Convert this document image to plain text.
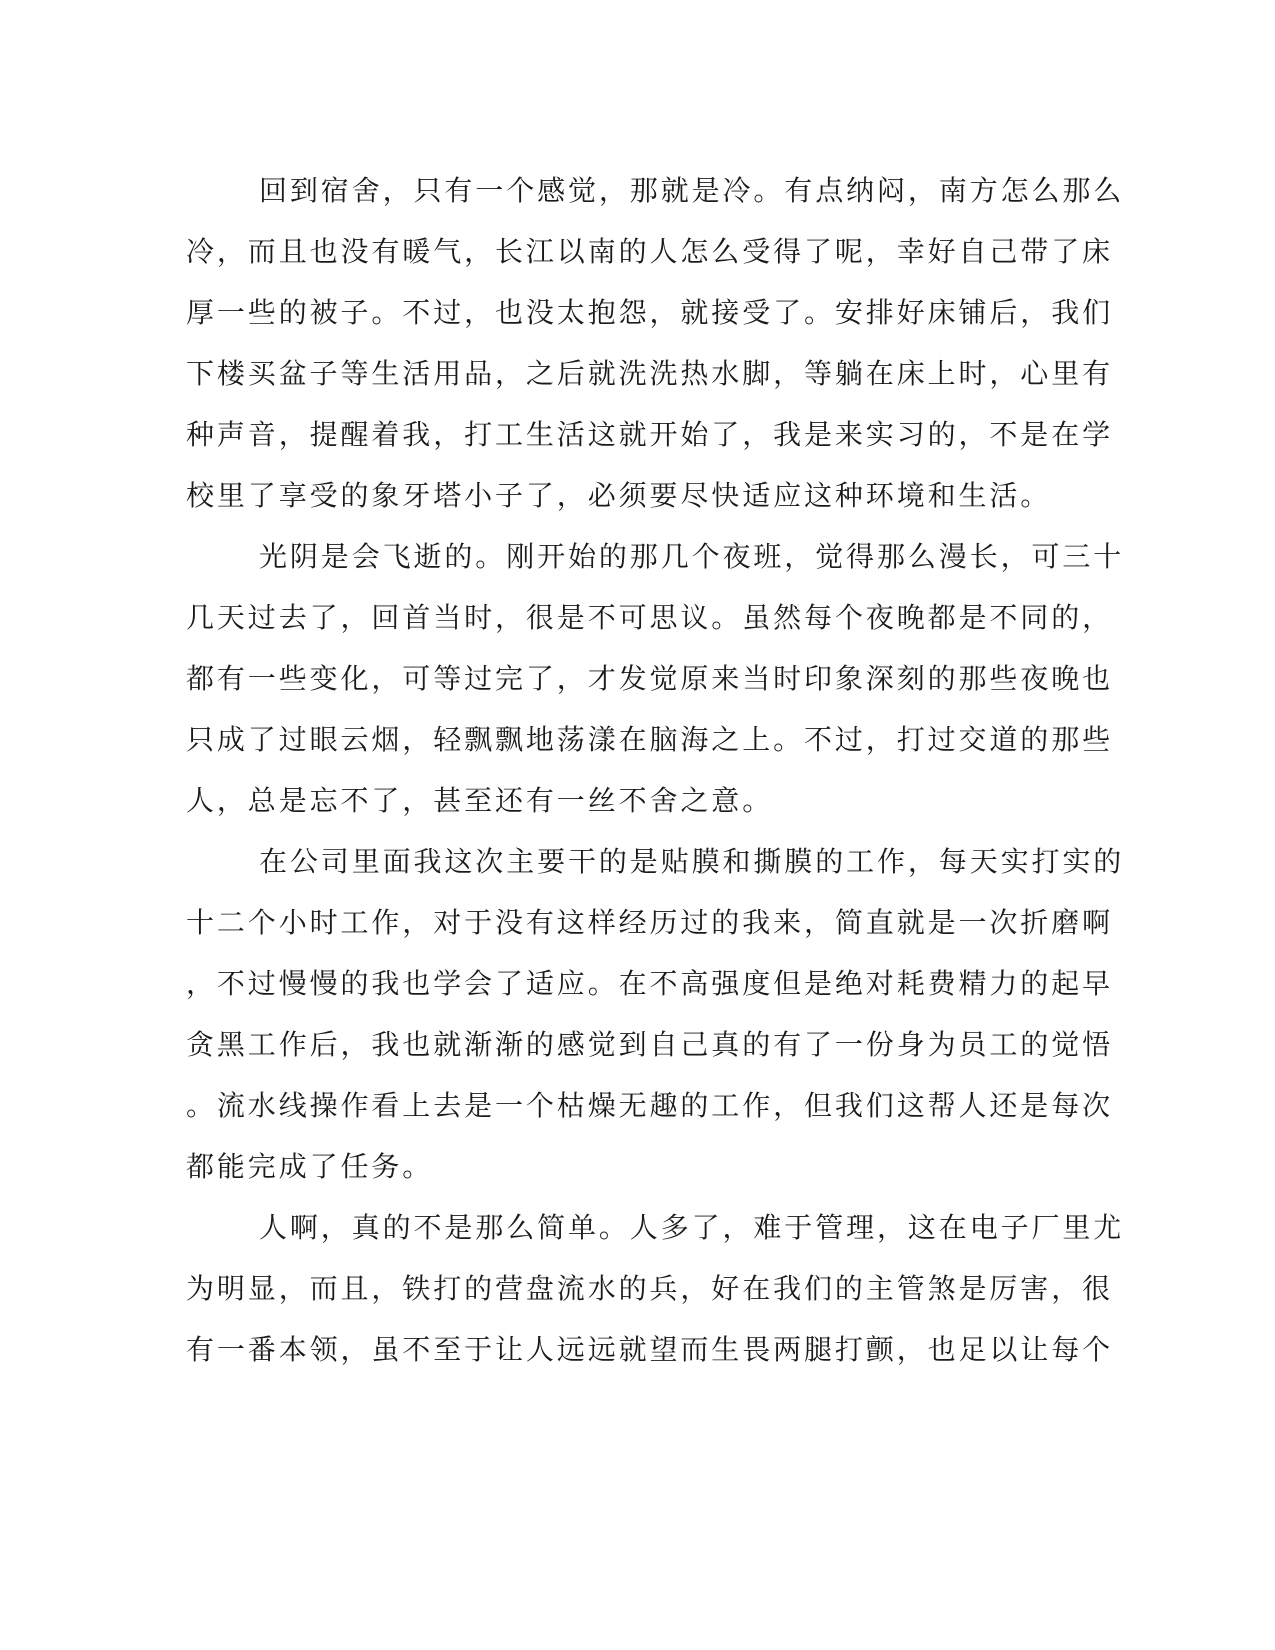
回到宿舍，只有一个感觉，那就是冷。有点纳闷，南方怎么那么
冷，而且也没有暖气，长江以南的人怎么受得了呢，幸好自己带了床
厚一些的被子。不过，也没太抱怨，就接受了。安排好床铺后，我们
下楼买盆子等生活用品，之后就洗洗热水脚，等躺在床上时，心里有
种声音，提醒着我，打工生活这就开始了，我是来实习的，不是在学
校里了享受的象牙塔小子了，必须要尽快适应这种环境和生活。
光阴是会飞逝的。刚开始的那几个夜班，觉得那么漫长，可三十
几天过去了，回首当时，很是不可思议。虽然每个夜晚都是不同的，
都有一些变化，可等过完了，才发觉原来当时印象深刻的那些夜晚也
只成了过眼云烟，轻飘飘地荡漾在脑海之上。不过，打过交道的那些
人，总是忘不了，甚至还有一丝不舍之意。
在公司里面我这次主要干的是贴膜和撕膜的工作，每天实打实的
十二个小时工作，对于没有这样经历过的我来，简直就是一次折磨啊
，不过慢慢的我也学会了适应。在不高强度但是绝对耗费精力的起早
贪黑工作后，我也就渐渐的感觉到自己真的有了一份身为员工的觉悟
。流水线操作看上去是一个枯燥无趣的工作，但我们这帮人还是每次
都能完成了任务。
人啊，真的不是那么简单。人多了，难于管理，这在电子厂里尤
为明显，而且，铁打的营盘流水的兵，好在我们的主管煞是厉害，很
有一番本领，虽不至于让人远远就望而生畏两腿打颤，也足以让每个
